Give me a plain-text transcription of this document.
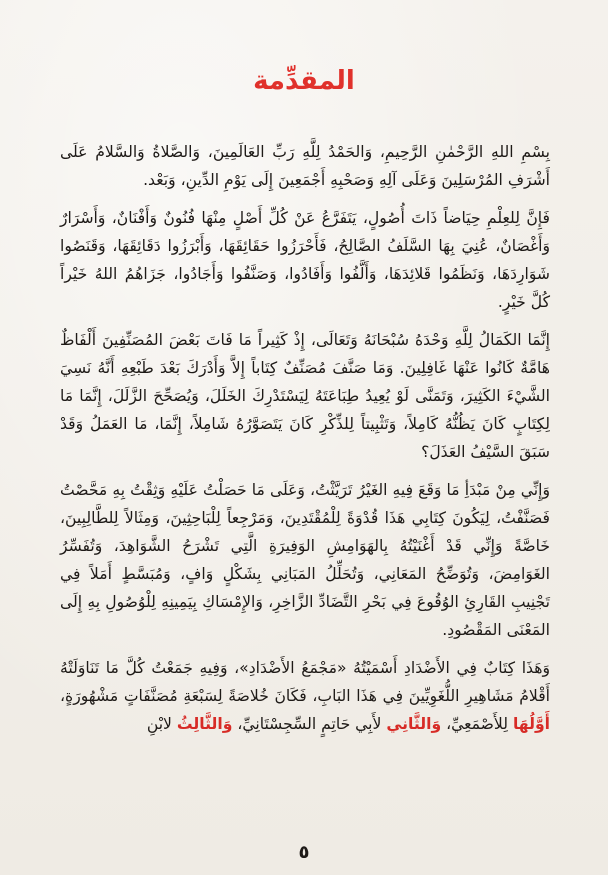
المقدِّمة

بِسْمِ اللهِ الرَّحْمٰنِ الرَّحِيمِ، وَالحَمْدُ لِلَّهِ رَبِّ العَالَمِينَ، وَالصَّلاةُ وَالسَّلامُ عَلَى أَشْرَفِ المُرْسَلِينَ وَعَلَى آلِهِ وَصَحْبِهِ أَجْمَعِينَ إِلَى يَوْمِ الدِّينِ، وَبَعْد.

فَإِنَّ لِلعِلْمِ حِيَاضاً ذَاتَ أُصُولٍ، يَتَفَرَّعُ عَنْ كُلِّ أَصْلٍ مِنْهَا فُنُونٌ وَأَفْنَانٌ، وَأَسْرَارٌ وَأَغْصَانٌ، عُنِيَ بِهَا السَّلَفُ الصَّالِحُ، فَأَحْرَزُوا حَقَائِقَهَا، وَأَبْرَزُوا دَقَائِقَهَا، وَقَنَصُوا شَوَارِدَهَا، وَنَظَمُوا قَلائِدَهَا، وَأَلَّفُوا وَأَفَادُوا، وَصَنَّفُوا وَأَجَادُوا، جَزَاهُمُ اللهُ خَيْراً كُلَّ خَيْرٍ.

إِنَّمَا الكَمَالُ لِلَّهِ وَحْدَهُ سُبْحَانَهُ وَتَعَالَى، إِذْ كَثِيراً مَا فَاتَ بَعْضَ المُصَنِّفِينَ أَلْفَاظٌ هَامَّةٌ كَانُوا عَنْهَا غَافِلِينَ. وَمَا صَنَّفَ مُصَنِّفٌ كِتَاباً إِلاَّ وَأَدْرَكَ بَعْدَ طَبْعِهِ أَنَّهُ نَسِيَ الشَّيْءَ الكَثِيرَ، وَتَمَنَّى لَوْ يُعِيدُ طِبَاعَتَهُ لِيَسْتَدْرِكَ الخَلَلَ، وَيُصَحِّحَ الزَّلَلَ، إِنَّمَا مَا لِكِتَابٍ كَانَ يَظُنُّهُ كَامِلاً، وَتَثْبِيتاً لِلذِّكْرِ كَانَ يَتَصَوَّرُهُ شَامِلاً، إِنَّمَا، مَا العَمَلُ وَقَدْ سَبَقَ السَّيْفُ العَذَلَ؟

وَإِنِّي مِنْ مَبْدَأِ مَا وَقَعَ فِيهِ الغَيْرُ تَرَيَّثْتُ، وَعَلَى مَا حَصَلْتُ عَلَيْهِ وَثِقْتُ بِهِ مَحَّصْتُ فَصَنَّفْتُ، لِيَكُونَ كِتَابِي هَذَا قُدْوَةً لِلْمُقْتَدِينَ، وَمَرْجِعاً لِلْبَاحِثِينَ، وَمِثَالاً لِلطَّالِبِينَ، خَاصَّةً وَإِنِّي قَدْ أَغْنَيْتُهُ بِالهَوَامِشِ الوَفِيرَةِ الَّتِي تَشْرَحُ الشَّوَاهِدَ، وَتُفَسِّرُ الغَوَامِضَ، وَتُوَضِّحُ المَعَانِي، وَتُحَلِّلُ المَبَانِي بِشَكْلٍ وَافٍ، وَمُبَسَّطٍ أَمَلاً فِي تَجْنِيبِ القَارِئِ الوُقُوعَ فِي بَحْرِ التَّضَادِّ الزَّاخِرِ، وَالإِمْسَاكِ بِيَمِينِهِ لِلْوُصُولِ بِهِ إِلَى المَعْنَى المَقْصُودِ.

وَهَذَا كِتَابٌ فِي الأَضْدَادِ أَسْمَيْتُهُ «مَجْمَعُ الأَضْدَادِ»، وَفِيهِ جَمَعْتُ كُلَّ مَا تَنَاوَلَتْهُ أَقْلامُ مَشَاهِيرِ اللُّغَوِيِّينَ فِي هَذَا البَابِ، فَكَانَ خُلاصَةً لِسَبْعَةِ مُصَنَّفَاتٍ مَشْهُورَةٍ، أَوَّلُهَا لِلأَصْمَعِيِّ، وَالثَّانِي لأَبِي حَاتِمٍ السِّجِسْتَانِيِّ، وَالثَّالِثُ لابْنِ

٥
